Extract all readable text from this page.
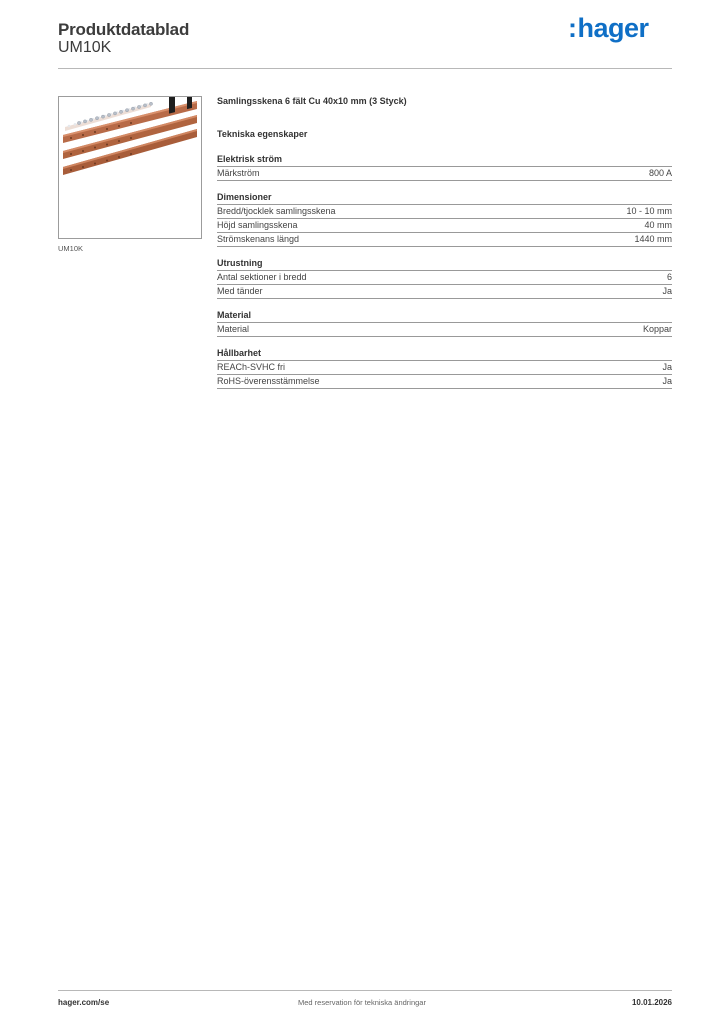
Produktdatablad
UM10K
:hager
UM10K
Samlingsskena 6 fält Cu 40x10 mm (3 Styck)
Tekniska egenskaper
Elektrisk ström
Märkström	800 A
Dimensioner
Bredd/tjocklek samlingsskena	10 - 10 mm
Höjd samlingsskena	40 mm
Strömskenans längd	1440 mm
Utrustning
Antal sektioner i bredd	6
Med tänder	Ja
Material
Material	Koppar
Hållbarhet
REACh-SVHC fri	Ja
RoHS-överensstämmelse	Ja
hager.com/se	Med reservation för tekniska ändringar	10.01.2026
